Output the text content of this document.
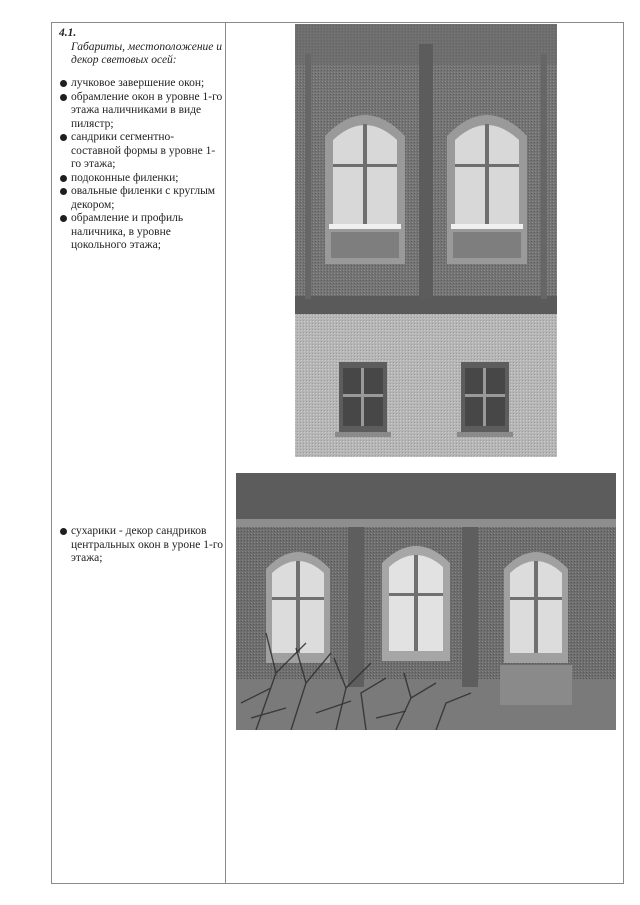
4.1.
Габариты, местоположение и декор световых осей:
лучковое завершение окон;
обрамление окон в уровне 1-го этажа наличниками в виде пилястр;
сандрики сегментно-составной формы в уровне 1-го этажа;
подоконные филенки;
овальные филенки с круглым декором;
обрамление и профиль наличника, в уровне цокольного этажа;
сухарики - декор сандриков центральных окон в уроне 1-го этажа;
